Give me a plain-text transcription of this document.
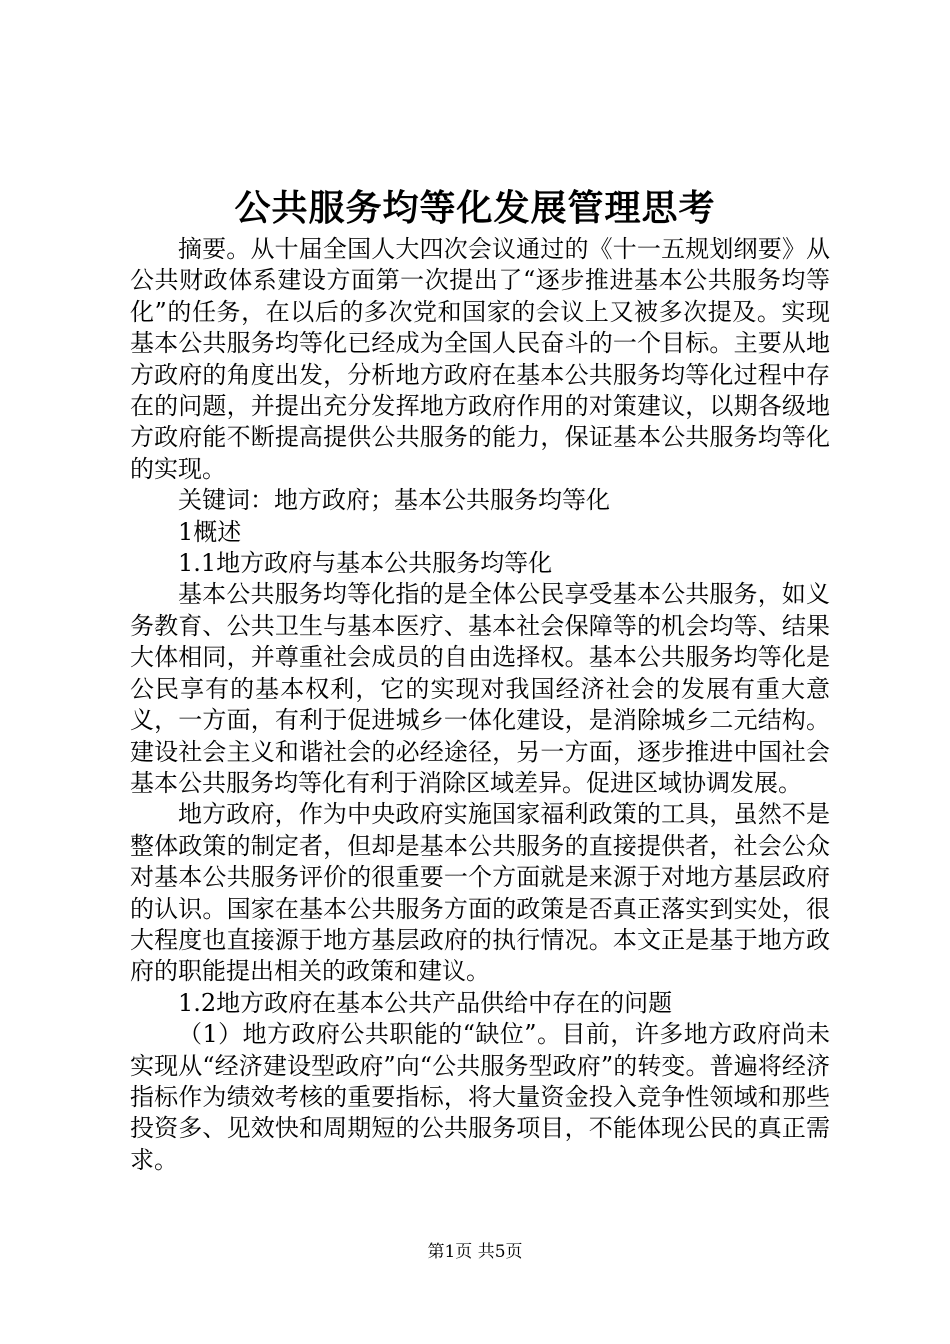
公共服务均等化发展管理思考

摘要。从十届全国人大四次会议通过的《十一五规划纲要》从公共财政体系建设方面第一次提出了“逐步推进基本公共服务均等化”的任务，在以后的多次党和国家的会议上又被多次提及。实现基本公共服务均等化已经成为全国人民奋斗的一个目标。主要从地方政府的角度出发，分析地方政府在基本公共服务均等化过程中存在的问题，并提出充分发挥地方政府作用的对策建议，以期各级地方政府能不断提高提供公共服务的能力，保证基本公共服务均等化的实现。

关键词：地方政府；基本公共服务均等化

1概述

1.1地方政府与基本公共服务均等化

基本公共服务均等化指的是全体公民享受基本公共服务，如义务教育、公共卫生与基本医疗、基本社会保障等的机会均等、结果大体相同，并尊重社会成员的自由选择权。基本公共服务均等化是公民享有的基本权利，它的实现对我国经济社会的发展有重大意义，一方面，有利于促进城乡一体化建设，是消除城乡二元结构。建设社会主义和谐社会的必经途径，另一方面，逐步推进中国社会基本公共服务均等化有利于消除区域差异。促进区域协调发展。

地方政府，作为中央政府实施国家福利政策的工具，虽然不是整体政策的制定者，但却是基本公共服务的直接提供者，社会公众对基本公共服务评价的很重要一个方面就是来源于对地方基层政府的认识。国家在基本公共服务方面的政策是否真正落实到实处，很大程度也直接源于地方基层政府的执行情况。本文正是基于地方政府的职能提出相关的政策和建议。

1.2地方政府在基本公共产品供给中存在的问题

（1）地方政府公共职能的“缺位”。目前，许多地方政府尚未实现从“经济建设型政府”向“公共服务型政府”的转变。普遍将经济指标作为绩效考核的重要指标，将大量资金投入竞争性领域和那些投资多、见效快和周期短的公共服务项目，不能体现公民的真正需求。

第1页 共5页
